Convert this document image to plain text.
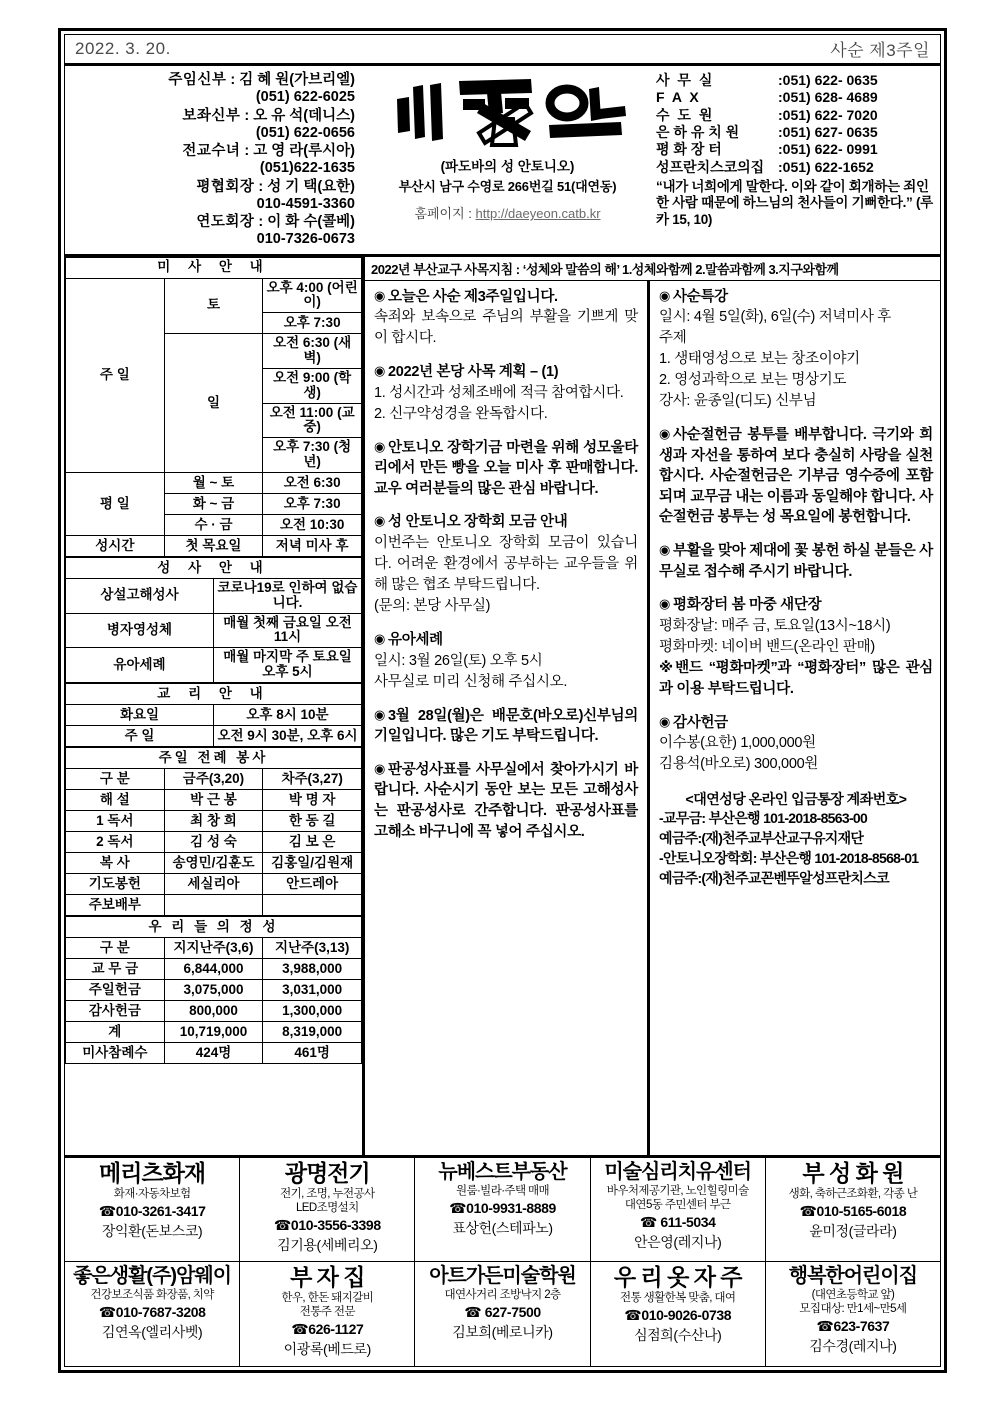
2022. 3. 20.	사순 제3주일
주임신부 : 김 혜 원(가브리엘)
(051) 622-6025
보좌신부 : 오 유 석(데니스)
(051) 622-0656
전교수녀 : 고 영 라(루시아)
(051)622-1635
평협회장 : 성 기 택(요한)
010-4591-3360
연도회장 : 이 화 수(콜베)
010-7326-0673
(파도바의 성 안토니오)
부산시 남구 수영로 266번길 51(대연동)
홈페이지 : http://daeyeon.catb.kr
사 무 실	: 051) 622- 0635
F A X	: 051) 628- 4689
수 도 원	: 051) 622- 7020
은 하 유 치 원	: 051) 627- 0635
평 화 장 터	: 051) 622- 0991
성프란치스코의집 : 051) 622-1652
“내가 너희에게 말한다. 이와 같이 회개하는 죄인 한 사람 때문에 하느님의 천사들이 기뻐한다.” (루카 15, 10)
미 사 안 내		
주 일	토	오후 4:00 (어린이)
		오후 7:30
	일	오전 6:30 (새벽)
		오전 9:00 (학생)
		오전 11:00 (교중)
		오후 7:30 (청년)
평 일	월 ~ 토	오전 6:30
	화 ~ 금	오후 7:30
	수 · 금	오전 10:30
성시간	첫 목요일	저녁 미사 후
성 사 안 내	
상설고해성사	코로나19로 인하여 없습니다.
병자영성체	매월 첫째 금요일 오전 11시
유아세례	매월 마지막 주 토요일 오후 5시
교 리 안 내	
화요일	오후 8시 10분
주 일	오전 9시 30분, 오후 6시
주일 전례 봉사		
구 분	금주(3,20)	차주(3,27)
해 설	박 근 봉	박 명 자
1 독서	최 창 희	한 동 길
2 독서	김 성 숙	김 보 은
복 사	송영민/김훈도	김홍일/김원재
기도봉헌	세실리아	안드레아
주보배부		
우 리 들 의 정 성		
구 분	지지난주(3,6)	지난주(3,13)
교 무 금	6,844,000	3,988,000
주일헌금	3,075,000	3,031,000
감사헌금	800,000	1,300,000
계	10,719,000	8,319,000
미사참례수	424명	461명
2022년 부산교구 사목지침 : ‘성체와 말씀의 해’ 1.성체와함께 2.말씀과함께 3.지구와함께
◉ 오늘은 사순 제3주일입니다.

속죄와 보속으로 주님의 부활을 기쁘게 맞이 합시다.

◉ 2022년 본당 사목 계획 – (1)

1. 성시간과 성체조배에 적극 참여합시다.

2. 신구약성경을 완독합시다.

◉ 안토니오 장학기금 마련을 위해 성모울타리에서 만든 빵을 오늘 미사 후 판매합니다. 교우 여러분들의 많은 관심 바랍니다.
◉ 성 안토니오 장학회 모금 안내

이번주는 안토니오 장학회 모금이 있습니다. 어려운 환경에서 공부하는 교우들을 위해 많은 협조 부탁드립니다.

(문의: 본당 사무실)

◉ 유아세례

일시: 3월 26일(토) 오후 5시

사무실로 미리 신청해 주십시오.

◉ 3월 28일(월)은 배문호(바오로)신부님의 기일입니다. 많은 기도 부탁드립니다.
◉ 판공성사표를 사무실에서 찾아가시기 바랍니다. 사순시기 동안 보는 모든 고해성사는 판공성사로 간주합니다. 판공성사표를 고해소 바구니에 꼭 넣어 주십시오.
◉ 사순특강

일시: 4월 5일(화), 6일(수) 저녁미사 후

주제

1. 생태영성으로 보는 창조이야기

2. 영성과학으로 보는 명상기도

강사: 윤종일(디도) 신부님

◉ 사순절헌금 봉투를 배부합니다. 극기와 희생과 자선을 통하여 보다 충실히 사랑을 실천합시다. 사순절헌금은 기부금 영수증에 포함되며 교무금 내는 이름과 동일해야 합니다. 사순절헌금 봉투는 성 목요일에 봉헌합니다.
◉ 부활을 맞아 제대에 꽃 봉헌 하실 분들은 사무실로 접수해 주시기 바랍니다.
◉ 평화장터 봄 마중 새단장

평화장날: 매주 금, 토요일(13시~18시)

평화마켓: 네이버 밴드(온라인 판매)

※밴드 “평화마켓”과 “평화장터” 많은 관심과 이용 부탁드립니다.

◉ 감사헌금

이수봉(요한) 1,000,000원

김용석(바오로) 300,000원

<대연성당 온라인 입금통장 계좌번호>

-교무금: 부산은행 101-2018-8563-00

예금주:(재)천주교부산교구유지재단

-안토니오장학회: 부산은행 101-2018-8568-01

예금주:(재)천주교꼰벤뚜알성프란치스코

메리츠화재
화재·자동차보험
☎010-3261-3417
장익환(돈보스코)
광명전기
전기, 조명, 누전공사
LED조명설치
☎010-3556-3398
김기용(세베리오)
뉴베스트부동산
원룸·빌라·주택 매매
☎010-9931-8889
표상헌(스테파노)
미술심리치유센터
바우처제공기관, 노인힐링미술
대연5동 주민센터 부근
☎ 611-5034
안은영(레지나)
부 성 화 원
생화, 축하근조화환, 각종 난
☎010-5165-6018
윤미정(글라라)
좋은생활(주)암웨이
건강보조식품 화장품, 치약
☎010-7687-3208
김연옥(엘리사벳)
부 자 집
한우, 한돈 돼지갈비
전통주 전문
☎626-1127
이광록(베드로)
아트가든미술학원
대연사거리 조방낙지 2층
☎ 627-7500
김보희(베로니카)
우 리 옷 자 주
전통 생활한복 맞춤, 대여
☎010-9026-0738
심점희(수산나)
행복한어린이집
(대연초등학교 앞)
모집대상: 만1세~만5세
☎623-7637
김수경(레지나)
